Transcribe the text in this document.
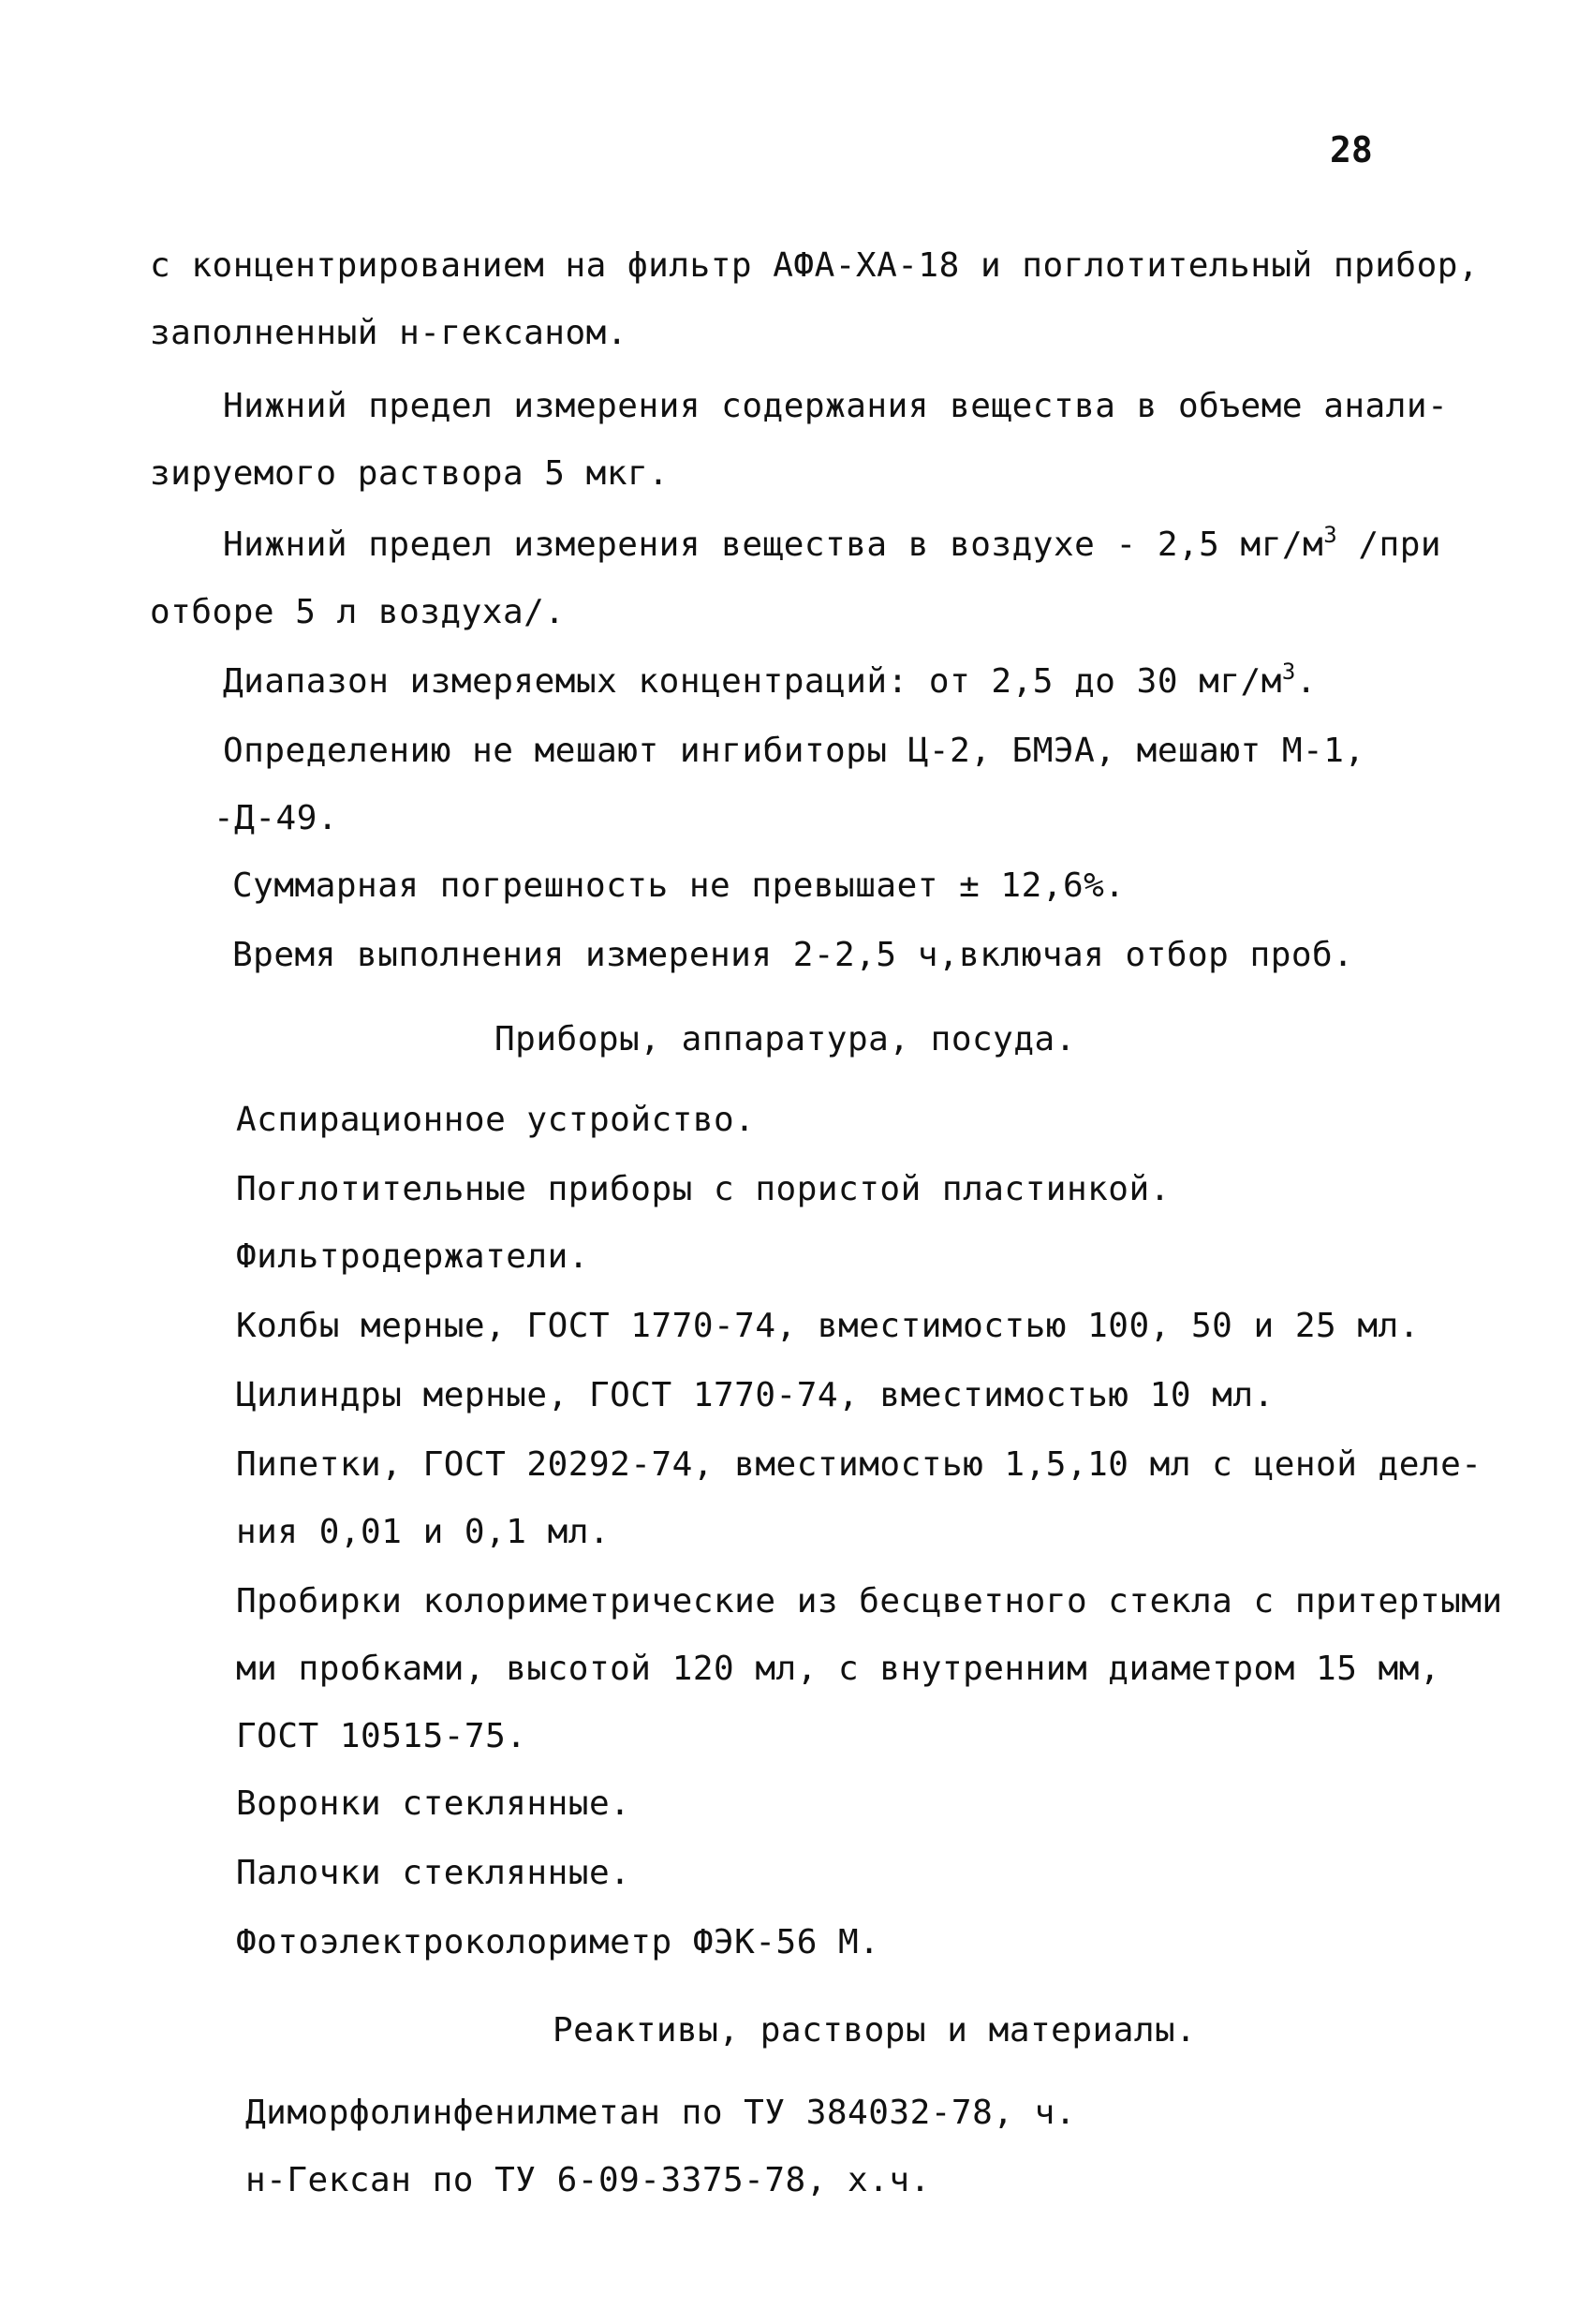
28
с концентрированием на фильтр АФА-ХА-18 и поглотительный прибор,
заполненный н-гексаном.
Нижний предел измерения содержания вещества в объеме анали-
зируемого раствора 5 мкг.
Нижний предел измерения вещества в воздухе - 2,5 $мг/м^3$ /при
отборе 5 л воздуха/.
Диапазон измеряемых концентраций: от 2,5 до 30 $мг/м^3$.
Определению не мешают ингибиторы Ц-2, БМЭА, мешают М-1,
-Д-49.
Суммарная погрешность не превышает ± 12,6%.
Время выполнения измерения 2-2,5 ч,включая отбор проб.
Приборы, аппаратура, посуда.
Аспирационное устройство.
Поглотительные приборы с пористой пластинкой.
Фильтродержатели.
Колбы мерные, ГОСТ 1770-74, вместимостью 100, 50 и 25 мл.
Цилиндры мерные, ГОСТ 1770-74, вместимостью 10 мл.
Пипетки, ГОСТ 20292-74, вместимостью 1,5,10 мл с ценой деле-
ния 0,01 и 0,1 мл.
Пробирки колориметрические из бесцветного стекла с притертыми
ми пробками, высотой 120 мл, с внутренним диаметром 15 мм,
ГОСТ 10515-75.
Воронки стеклянные.
Палочки стеклянные.
Фотоэлектроколориметр ФЭК-56 М.
Реактивы, растворы и материалы.
Диморфолинфенилметан по ТУ 384032-78, ч.
н-Гексан по ТУ 6-09-3375-78, х.ч.
